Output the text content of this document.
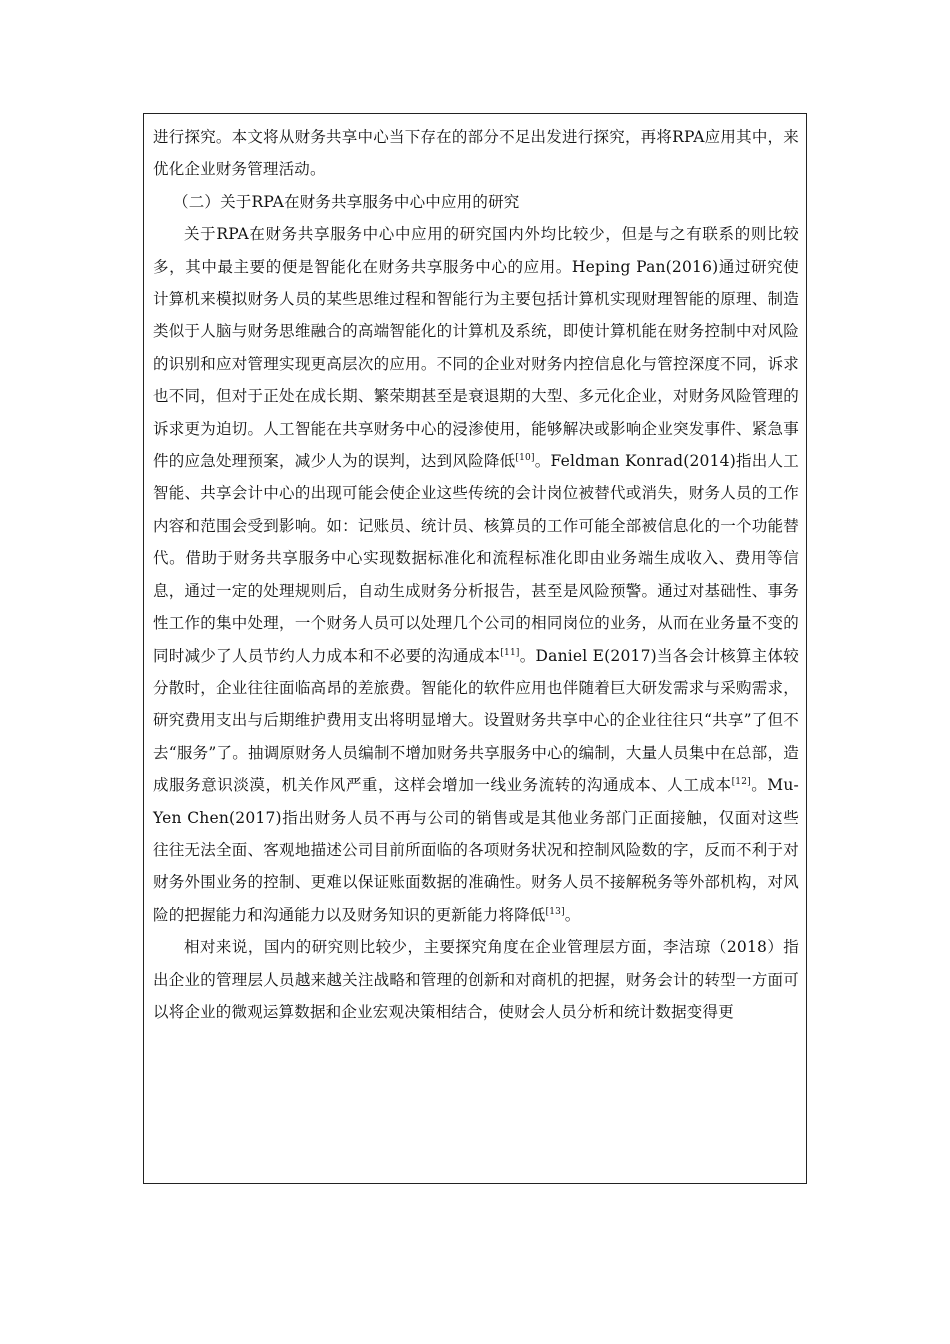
进行探究。本文将从财务共享中心当下存在的部分不足出发进行探究，再将RPA应用其中，来优化企业财务管理活动。

（二）关于RPA在财务共享服务中心中应用的研究

关于RPA在财务共享服务中心中应用的研究国内外均比较少，但是与之有联系的则比较多，其中最主要的便是智能化在财务共享服务中心的应用。Heping Pan(2016)通过研究使计算机来模拟财务人员的某些思维过程和智能行为主要包括计算机实现财理智能的原理、制造类似于人脑与财务思维融合的高端智能化的计算机及系统，即使计算机能在财务控制中对风险的识别和应对管理实现更高层次的应用。不同的企业对财务内控信息化与管控深度不同，诉求也不同，但对于正处在成长期、繁荣期甚至是衰退期的大型、多元化企业，对财务风险管理的诉求更为迫切。人工智能在共享财务中心的浸渗使用，能够解决或影响企业突发事件、紧急事件的应急处理预案，减少人为的误判，达到风险降低[10]。Feldman Konrad(2014)指出人工智能、共享会计中心的出现可能会使企业这些传统的会计岗位被替代或消失，财务人员的工作内容和范围会受到影响。如：记账员、统计员、核算员的工作可能全部被信息化的一个功能替代。借助于财务共享服务中心实现数据标准化和流程标准化即由业务端生成收入、费用等信息，通过一定的处理规则后，自动生成财务分析报告，甚至是风险预警。通过对基础性、事务性工作的集中处理，一个财务人员可以处理几个公司的相同岗位的业务，从而在业务量不变的同时减少了人员节约人力成本和不必要的沟通成本[11]。Daniel E(2017)当各会计核算主体较分散时，企业往往面临高昂的差旅费。智能化的软件应用也伴随着巨大研发需求与采购需求，研究费用支出与后期维护费用支出将明显增大。设置财务共享中心的企业往往只“共享”了但不去“服务”了。抽调原财务人员编制不增加财务共享服务中心的编制，大量人员集中在总部，造成服务意识淡漠，机关作风严重，这样会增加一线业务流转的沟通成本、人工成本[12]。Mu-Yen Chen(2017)指出财务人员不再与公司的销售或是其他业务部门正面接触，仅面对这些往往无法全面、客观地描述公司目前所面临的各项财务状况和控制风险数的字，反而不利于对财务外围业务的控制、更难以保证账面数据的准确性。财务人员不接解税务等外部机构，对风险的把握能力和沟通能力以及财务知识的更新能力将降低[13]。

相对来说，国内的研究则比较少，主要探究角度在企业管理层方面，李洁琼（2018）指出企业的管理层人员越来越关注战略和管理的创新和对商机的把握，财务会计的转型一方面可以将企业的微观运算数据和企业宏观决策相结合，使财会人员分析和统计数据变得更
